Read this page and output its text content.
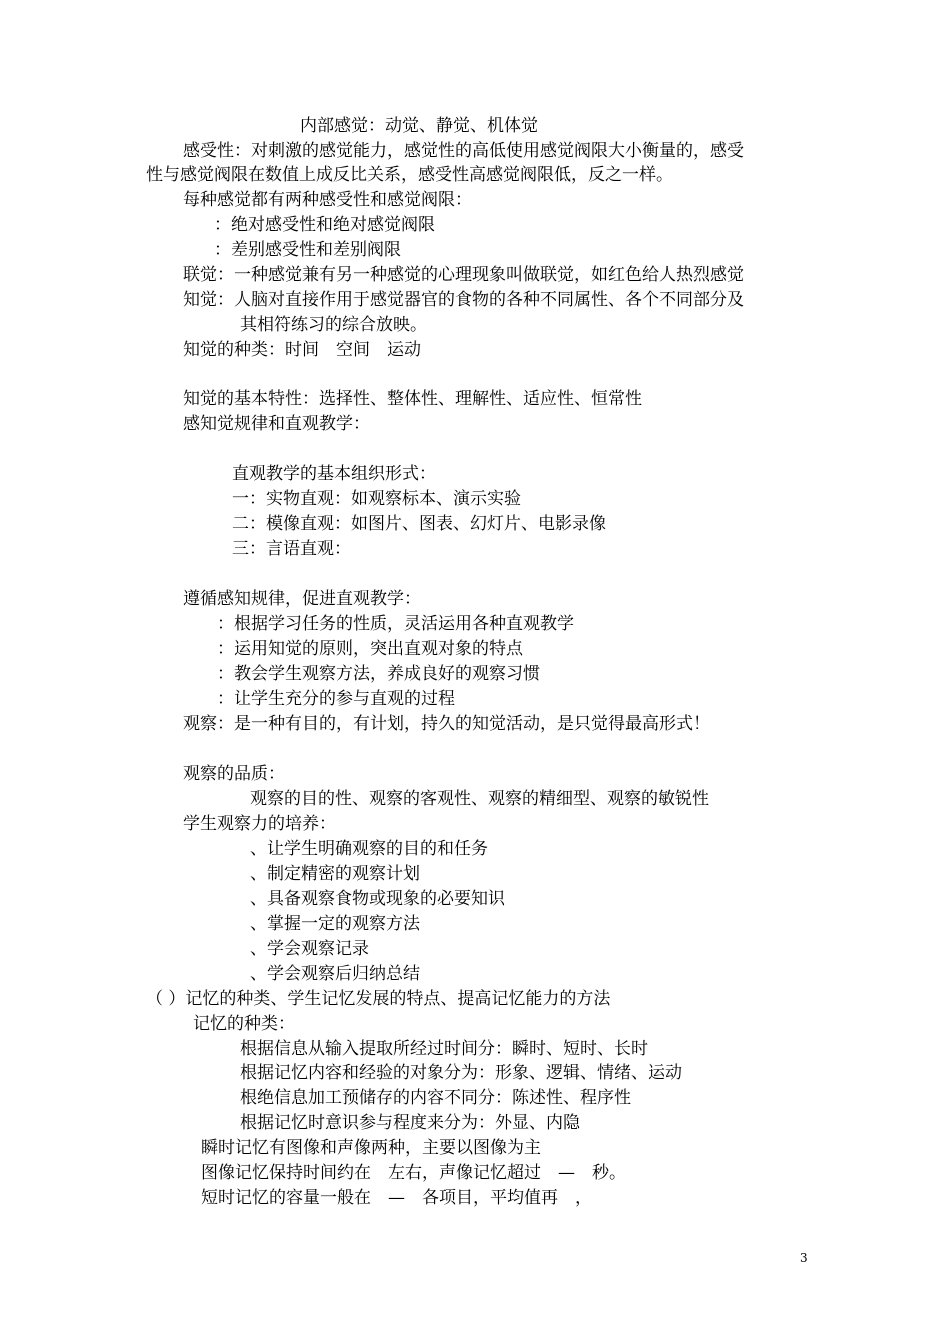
内部感觉：动觉、静觉、机体觉

感受性：对刺激的感觉能力，感觉性的高低使用感觉阀限大小衡量的，感受

性与感觉阀限在数值上成反比关系，感受性高感觉阀限低，反之一样。

每种感觉都有两种感受性和感觉阀限：

：绝对感受性和绝对感觉阀限

：差别感受性和差别阀限

联觉：一种感觉兼有另一种感觉的心理现象叫做联觉，如红色给人热烈感觉

知觉：人脑对直接作用于感觉器官的食物的各种不同属性、各个不同部分及

其相符练习的综合放映。

知觉的种类：时间　空间　运动

知觉的基本特性：选择性、整体性、理解性、适应性、恒常性

感知觉规律和直观教学：

直观教学的基本组织形式：

一：实物直观：如观察标本、演示实验

二：模像直观：如图片、图表、幻灯片、电影录像

三：言语直观：

遵循感知规律，促进直观教学：

：根据学习任务的性质，灵活运用各种直观教学

：运用知觉的原则，突出直观对象的特点

：教会学生观察方法，养成良好的观察习惯

：让学生充分的参与直观的过程

观察：是一种有目的，有计划，持久的知觉活动，是只觉得最高形式！

观察的品质：

观察的目的性、观察的客观性、观察的精细型、观察的敏锐性

学生观察力的培养：

、让学生明确观察的目的和任务

、制定精密的观察计划

、具备观察食物或现象的必要知识

、掌握一定的观察方法

、学会观察记录

、学会观察后归纳总结

（ ）记忆的种类、学生记忆发展的特点、提高记忆能力的方法

记忆的种类：

根据信息从输入提取所经过时间分：瞬时、短时、长时

根据记忆内容和经验的对象分为：形象、逻辑、情绪、运动

根绝信息加工预储存的内容不同分：陈述性、程序性

根据记忆时意识参与程度来分为：外显、内隐

瞬时记忆有图像和声像两种，主要以图像为主

图像记忆保持时间约在　左右，声像记忆超过　—　秒。

短时记忆的容量一般在　—　各项目，平均值再　，

3
